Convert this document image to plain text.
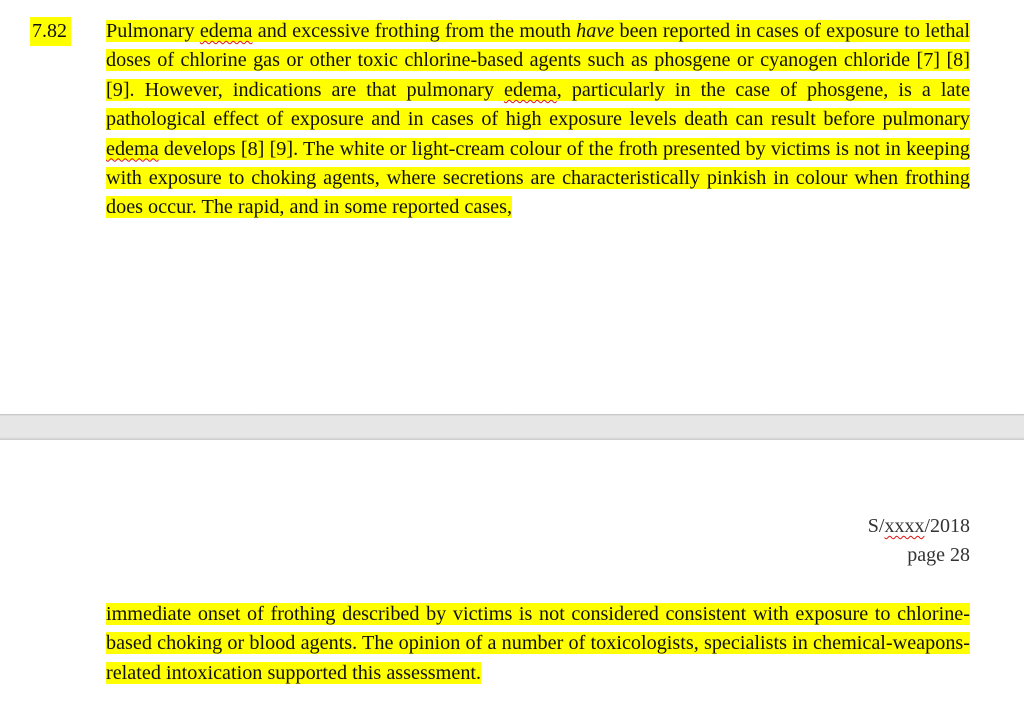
7.82 Pulmonary edema and excessive frothing from the mouth have been reported in cases of exposure to lethal doses of chlorine gas or other toxic chlorine-based agents such as phosgene or cyanogen chloride [7] [8] [9]. However, indications are that pulmonary edema, particularly in the case of phosgene, is a late pathological effect of exposure and in cases of high exposure levels death can result before pulmonary edema develops [8] [9]. The white or light-cream colour of the froth presented by victims is not in keeping with exposure to choking agents, where secretions are characteristically pinkish in colour when frothing does occur. The rapid, and in some reported cases,

S/xxxx/2018
page 28

immediate onset of frothing described by victims is not considered consistent with exposure to chlorine-based choking or blood agents. The opinion of a number of toxicologists, specialists in chemical-weapons-related intoxication supported this assessment.
